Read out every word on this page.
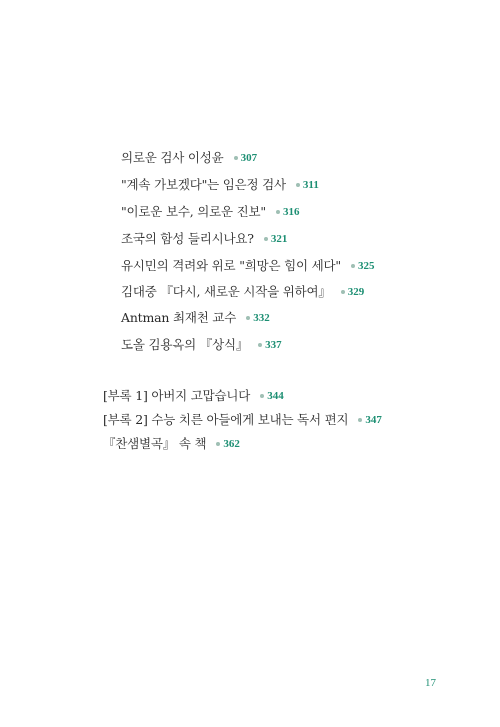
의로운 검사 이성윤 307
"계속 가보겠다"는 임은정 검사 311
"이로운 보수, 의로운 진보" 316
조국의 함성 들리시나요? 321
유시민의 격려와 위로 "희망은 힘이 세다" 325
김대중 『다시, 새로운 시작을 위하여』 329
Antman 최재천 교수 332
도올 김용옥의 『상식』 337
[부록 1] 아버지 고맙습니다 344
[부록 2] 수능 치른 아들에게 보내는 독서 편지 347
『찬샘별곡』 속 책 362
17
